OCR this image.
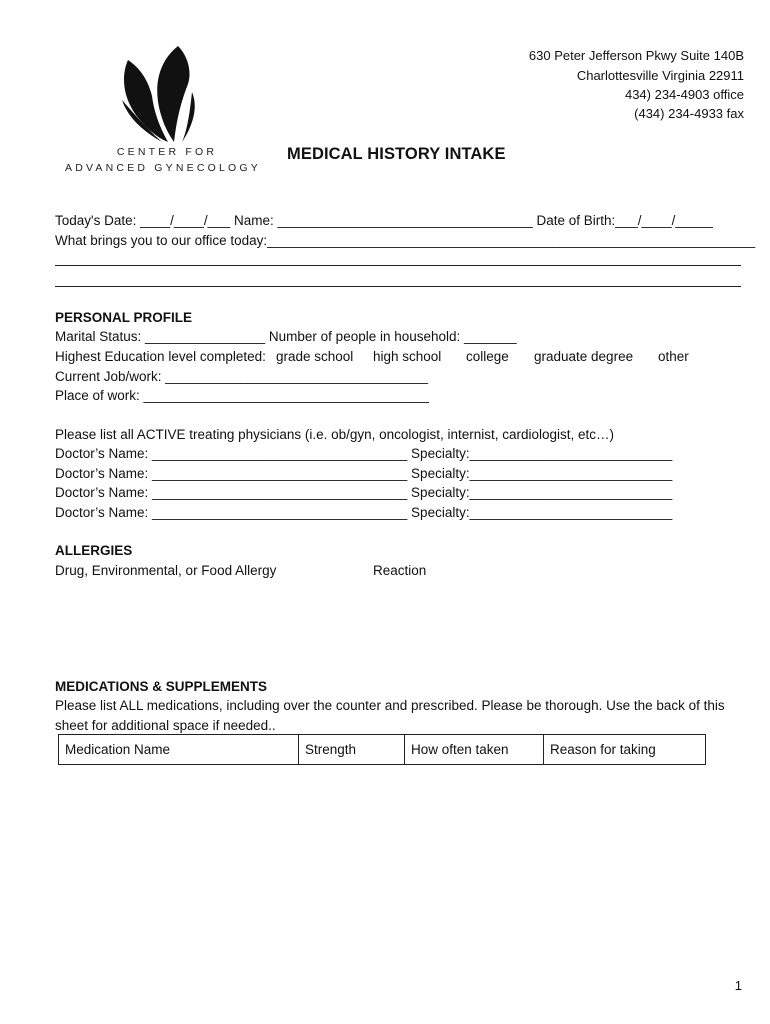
CENTER FOR
ADVANCED GYNECOLOGY
630 Peter Jefferson Pkwy Suite 140B
Charlottesville Virginia 22911
434) 234-4903 office
(434) 234-4933 fax
MEDICAL HISTORY INTAKE
Today's Date: ____/____/___ Name: __________________________________ Date of Birth:___/____/_____
What brings you to our office today:_________________________________________________________________
PERSONAL PROFILE
Marital Status: ________________ Number of people in household: _______
Highest Education level completed: grade school high school college graduate degree other
Current Job/work: ___________________________________
Place of work: ______________________________________
Please list all ACTIVE treating physicians (i.e. ob/gyn, oncologist, internist, cardiologist, etc…)
Doctor’s Name: __________________________________ Specialty:___________________________
Doctor’s Name: __________________________________ Specialty:___________________________
Doctor’s Name: __________________________________ Specialty:___________________________
Doctor’s Name: __________________________________ Specialty:___________________________
ALLERGIES
Drug, Environmental, or Food Allergy	Reaction
MEDICATIONS & SUPPLEMENTS
Please list ALL medications, including over the counter and prescribed. Please be thorough. Use the back of this
sheet for additional space if needed..
Medication Name	Strength	How often taken	Reason for taking
1
